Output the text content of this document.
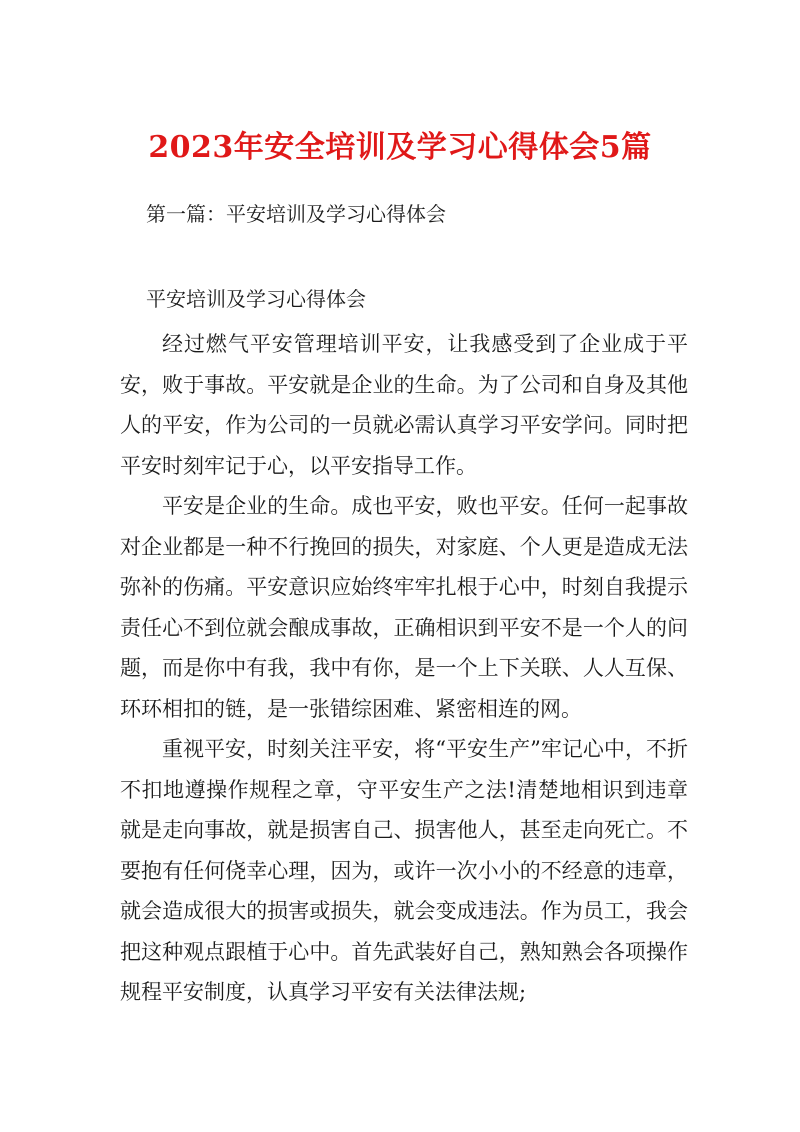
2023年安全培训及学习心得体会5篇

第一篇：平安培训及学习心得体会

平安培训及学习心得体会

经过燃气平安管理培训平安，让我感受到了企业成于平安，败于事故。平安就是企业的生命。为了公司和自身及其他人的平安，作为公司的一员就必需认真学习平安学问。同时把平安时刻牢记于心，以平安指导工作。

平安是企业的生命。成也平安，败也平安。任何一起事故对企业都是一种不行挽回的损失，对家庭、个人更是造成无法弥补的伤痛。平安意识应始终牢牢扎根于心中，时刻自我提示责任心不到位就会酿成事故，正确相识到平安不是一个人的问题，而是你中有我，我中有你，是一个上下关联、人人互保、环环相扣的链，是一张错综困难、紧密相连的网。

重视平安，时刻关注平安，将“平安生产”牢记心中，不折不扣地遵操作规程之章，守平安生产之法!清楚地相识到违章就是走向事故，就是损害自己、损害他人，甚至走向死亡。不要抱有任何侥幸心理，因为，或许一次小小的不经意的违章，就会造成很大的损害或损失，就会变成违法。作为员工，我会把这种观点跟植于心中。首先武装好自己，熟知熟会各项操作规程平安制度，认真学习平安有关法律法规;
